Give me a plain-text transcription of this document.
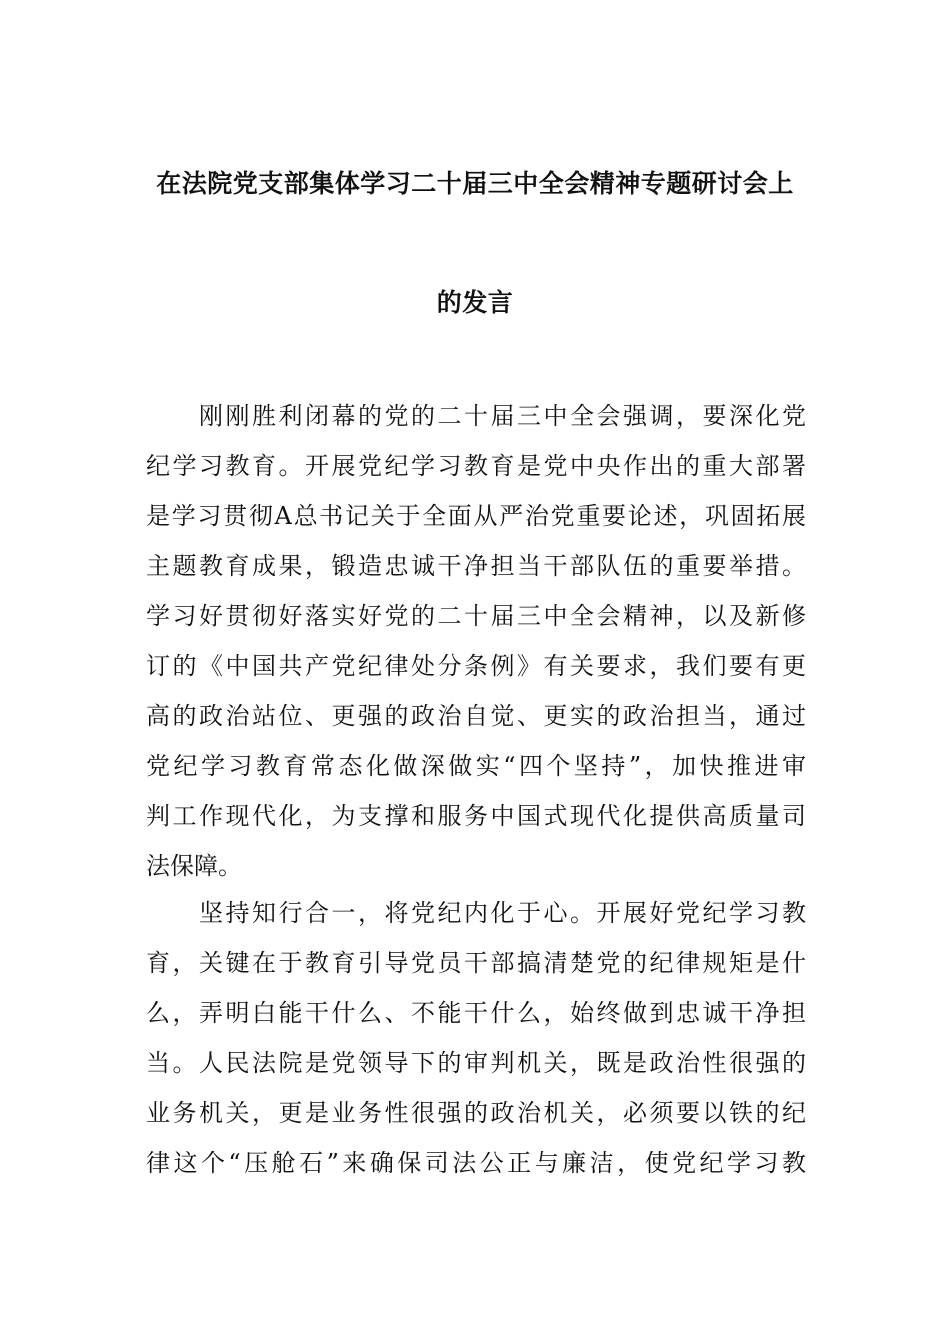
在法院党支部集体学习二十届三中全会精神专题研讨会上
的发言
　　刚刚胜利闭幕的党的二十届三中全会强调，要深化党
纪学习教育。开展党纪学习教育是党中央作出的重大部署
是学习贯彻A总书记关于全面从严治党重要论述，巩固拓展
主题教育成果，锻造忠诚干净担当干部队伍的重要举措。
学习好贯彻好落实好党的二十届三中全会精神，以及新修
订的《中国共产党纪律处分条例》有关要求，我们要有更
高的政治站位、更强的政治自觉、更实的政治担当，通过
党纪学习教育常态化做深做实“四个坚持”，加快推进审
判工作现代化，为支撑和服务中国式现代化提供高质量司
法保障。
　　坚持知行合一，将党纪内化于心。开展好党纪学习教
育，关键在于教育引导党员干部搞清楚党的纪律规矩是什
么，弄明白能干什么、不能干什么，始终做到忠诚干净担
当。人民法院是党领导下的审判机关，既是政治性很强的
业务机关，更是业务性很强的政治机关，必须要以铁的纪
律这个“压舱石”来确保司法公正与廉洁，使党纪学习教
